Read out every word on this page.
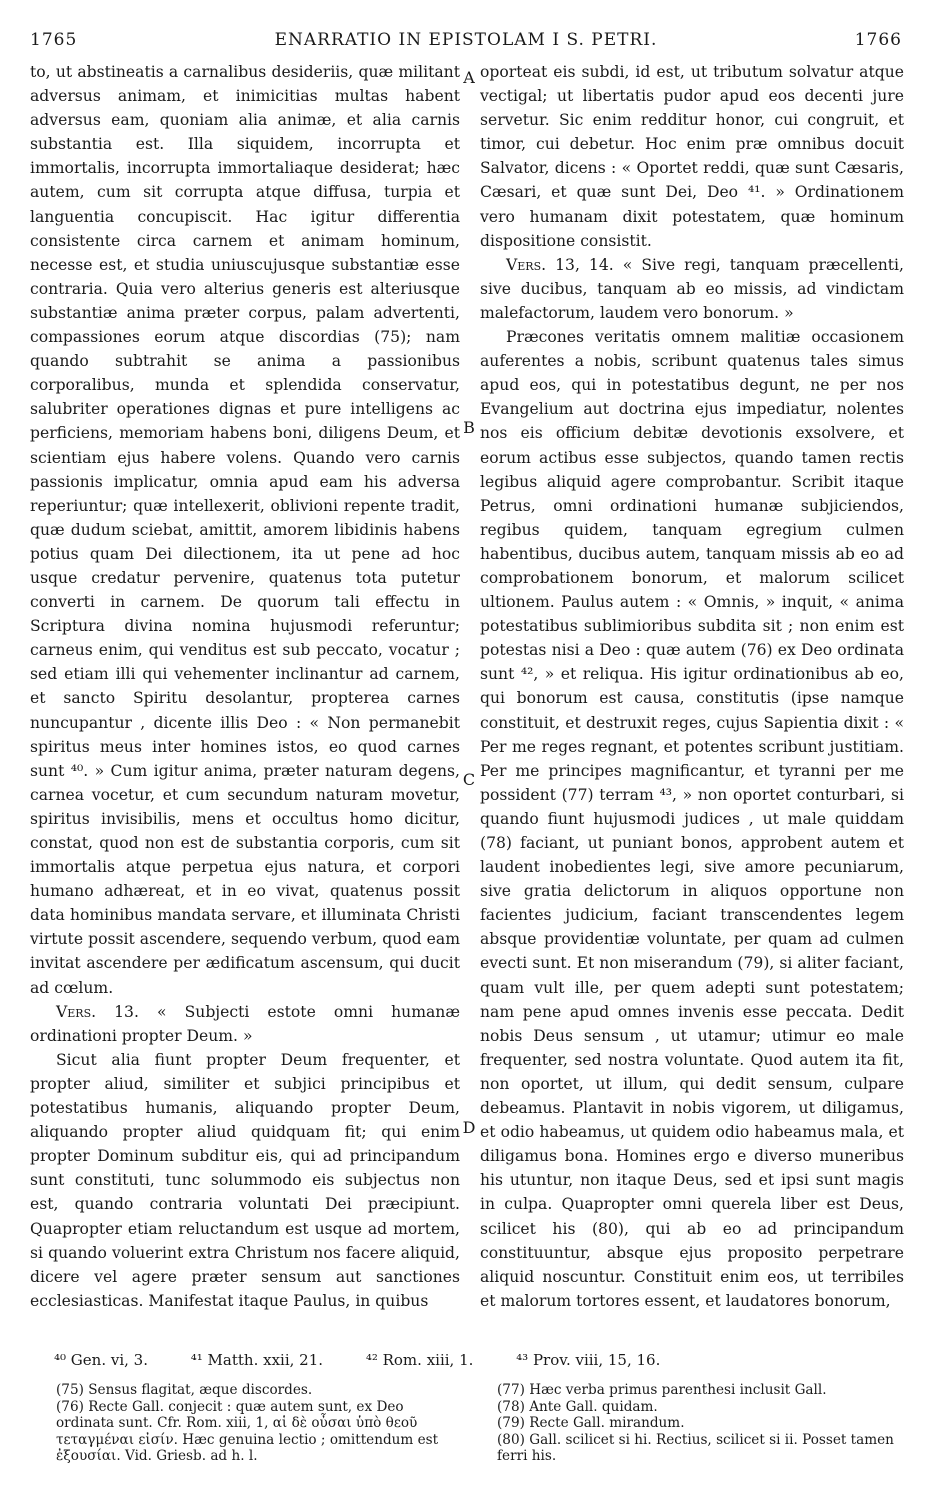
1765	ENARRATIO IN EPISTOLAM I S. PETRI.	1766

to, ut abstineatis a carnalibus desideriis, quæ militant adversus animam, et inimicitias multas habent adversus eam, quoniam alia animæ, et alia carnis substantia est. Illa siquidem, incorrupta et immortalis, incorrupta immortaliaque desiderat; hæc autem, cum sit corrupta atque diffusa, turpia et languentia concupiscit. Hac igitur differentia consistente circa carnem et animam hominum, necesse est, et studia uniuscujusque substantiæ esse contraria. Quia vero alterius generis est alteriusque substantiæ anima præter corpus, palam advertenti, compassiones eorum atque discordias (75); nam quando subtrahit se anima a passionibus corporalibus, munda et splendida conservatur, salubriter operationes dignas et pure intelligens ac perficiens, memoriam habens boni, diligens Deum, et scientiam ejus habere volens. Quando vero carnis passionis implicatur, omnia apud eam his adversa reperiuntur; quæ intellexerit, oblivioni repente tradit, quæ dudum sciebat, amittit, amorem libidinis habens potius quam Dei dilectionem, ita ut pene ad hoc usque credatur pervenire, quatenus tota putetur converti in carnem. De quorum tali effectu in Scriptura divina nomina hujusmodi referuntur; carneus enim, qui venditus est sub peccato, vocatur ; sed etiam illi qui vehementer inclinantur ad carnem, et sancto Spiritu desolantur, propterea carnes nuncupantur , dicente illis Deo : « Non permanebit spiritus meus inter homines istos, eo quod carnes sunt ⁴⁰. » Cum igitur anima, præter naturam degens, carnea vocetur, et cum secundum naturam movetur, spiritus invisibilis, mens et occultus homo dicitur, constat, quod non est de substantia corporis, cum sit immortalis atque perpetua ejus natura, et corpori humano adhæreat, et in eo vivat, quatenus possit data hominibus mandata servare, et illuminata Christi virtute possit ascendere, sequendo verbum, quod eam invitat ascendere per ædificatum ascensum, qui ducit ad cœlum.

Vers. 13. « Subjecti estote omni humanæ ordinationi propter Deum. »

Sicut alia fiunt propter Deum frequenter, et propter aliud, similiter et subjici principibus et potestatibus humanis, aliquando propter Deum, aliquando propter aliud quidquam fit; qui enim propter Dominum subditur eis, qui ad principandum sunt constituti, tunc solummodo eis subjectus non est, quando contraria voluntati Dei præcipiunt. Quapropter etiam reluctandum est usque ad mortem, si quando voluerint extra Christum nos facere aliquid, dicere vel agere præter sensum aut sanctiones ecclesiasticas. Manifestat itaque Paulus, in quibus

oporteat eis subdi, id est, ut tributum solvatur atque vectigal; ut libertatis pudor apud eos decenti jure servetur. Sic enim redditur honor, cui congruit, et timor, cui debetur. Hoc enim præ omnibus docuit Salvator, dicens : « Oportet reddi, quæ sunt Cæsaris, Cæsari, et quæ sunt Dei, Deo ⁴¹. » Ordinationem vero humanam dixit potestatem, quæ hominum dispositione consistit.

Vers. 13, 14. « Sive regi, tanquam præcellenti, sive ducibus, tanquam ab eo missis, ad vindictam malefactorum, laudem vero bonorum. »

Præcones veritatis omnem malitiæ occasionem auferentes a nobis, scribunt quatenus tales simus apud eos, qui in potestatibus degunt, ne per nos Evangelium aut doctrina ejus impediatur, nolentes nos eis officium debitæ devotionis exsolvere, et eorum actibus esse subjectos, quando tamen rectis legibus aliquid agere comprobantur. Scribit itaque Petrus, omni ordinationi humanæ subjiciendos, regibus quidem, tanquam egregium culmen habentibus, ducibus autem, tanquam missis ab eo ad comprobationem bonorum, et malorum scilicet ultionem. Paulus autem : « Omnis, » inquit, « anima potestatibus sublimioribus subdita sit ; non enim est potestas nisi a Deo : quæ autem (76) ex Deo ordinata sunt ⁴², » et reliqua. His igitur ordinationibus ab eo, qui bonorum est causa, constitutis (ipse namque constituit, et destruxit reges, cujus Sapientia dixit : « Per me reges regnant, et potentes scribunt justitiam. Per me principes magnificantur, et tyranni per me possident (77) terram ⁴³, » non oportet conturbari, si quando fiunt hujusmodi judices , ut male quiddam (78) faciant, ut puniant bonos, approbent autem et laudent inobedientes legi, sive amore pecuniarum, sive gratia delictorum in aliquos opportune non facientes judicium, faciant transcendentes legem absque providentiæ voluntate, per quam ad culmen evecti sunt. Et non miserandum (79), si aliter faciant, quam vult ille, per quem adepti sunt potestatem; nam pene apud omnes invenis esse peccata. Dedit nobis Deus sensum , ut utamur; utimur eo male frequenter, sed nostra voluntate. Quod autem ita fit, non oportet, ut illum, qui dedit sensum, culpare debeamus. Plantavit in nobis vigorem, ut diligamus, et odio habeamus, ut quidem odio habeamus mala, et diligamus bona. Homines ergo e diverso muneribus his utuntur, non itaque Deus, sed et ipsi sunt magis in culpa. Quapropter omni querela liber est Deus, scilicet his (80), qui ab eo ad principandum constituuntur, absque ejus proposito perpetrare aliquid noscuntur. Constituit enim eos, ut terribiles et malorum tortores essent, et laudatores bonorum,

A
B
C
D
⁴⁰ Gen. vi, 3.	⁴¹ Matth. xxii, 21.	⁴² Rom. xiii, 1.	⁴³ Prov. viii, 15, 16.

(75) Sensus flagitat, æque discordes.

(76) Recte Gall. conjecit : quæ autem sunt, ex Deo ordinata sunt. Cfr. Rom. xiii, 1, αἱ δὲ οὖσαι ὑπὸ θεοῦ τεταγμέναι εἰσίν. Hæc genuina lectio ; omittendum est ἐξουσίαι. Vid. Griesb. ad h. l.

(77) Hæc verba primus parenthesi inclusit Gall.

(78) Ante Gall. quidam.

(79) Recte Gall. mirandum.

(80) Gall. scilicet si hi. Rectius, scilicet si ii. Posset tamen ferri his.
